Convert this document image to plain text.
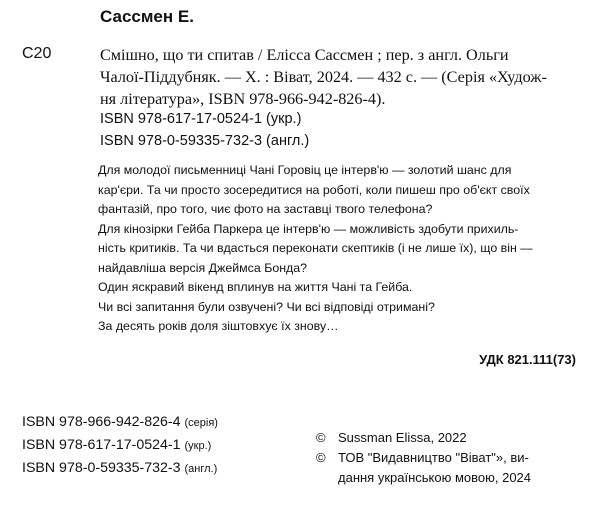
Сассмен Е.
С20	Смішно, що ти спитав / Елісса Сассмен ; пер. з англ. Ольги
Чалої-Піддубняк. — Х. : Віват, 2024. — 432 с. — (Серія «Худож-
ня література», ISBN 978-966-942-826-4).
ISBN 978-617-17-0524-1 (укр.)
ISBN 978-0-59335-732-3 (англ.)
Для молодої письменниці Чані Горовіц це інтерв'ю — золотий шанс для
кар'єри. Та чи просто зосередитися на роботі, коли пишеш про об'єкт своїх
фантазій, про того, чиє фото на заставці твого телефона?
Для кінозірки Гейба Паркера це інтерв'ю — можливість здобути прихиль-
ність критиків. Та чи вдасться переконати скептиків (і не лише їх), що він —
найдавліша версія Джеймса Бонда?
Один яскравий вікенд вплинув на життя Чані та Гейба.
Чи всі запитання були озвучені? Чи всі відповіді отримані?
За десять років доля зіштовхує їх знову…
УДК 821.111(73)
ISBN 978-966-942-826-4 (серія)
ISBN 978-617-17-0524-1 (укр.)
ISBN 978-0-59335-732-3 (англ.)
© Sussman Elissa, 2022
© ТОВ "Видавництво "Віват"», ви-
дання українською мовою, 2024
